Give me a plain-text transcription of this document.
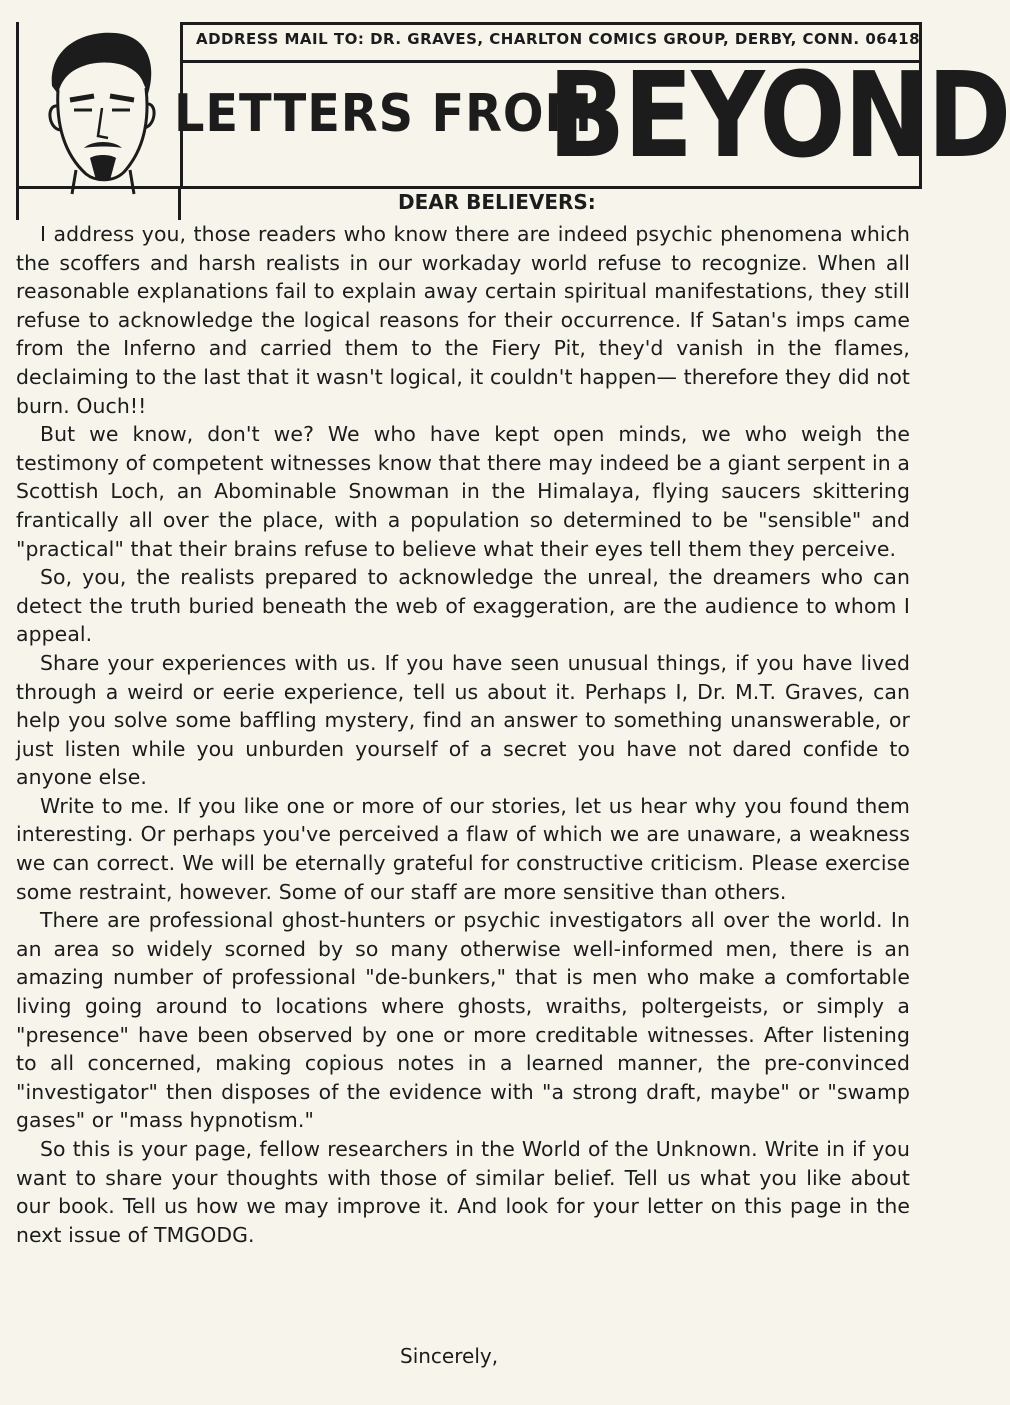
ADDRESS MAIL TO: DR. GRAVES, CHARLTON COMICS GROUP, DERBY, CONN. 06418
LETTERS FROM
BEYOND
DEAR BELIEVERS:

I address you, those readers who know there are indeed psychic phenomena which the scoffers and harsh realists in our workaday world refuse to recognize. When all reasonable explanations fail to explain away certain spiritual manifestations, they still refuse to acknowledge the logical reasons for their occurrence. If Satan's imps came from the Inferno and carried them to the Fiery Pit, they'd vanish in the flames, declaiming to the last that it wasn't logical, it couldn't happen— therefore they did not burn. Ouch!!

But we know, don't we? We who have kept open minds, we who weigh the testimony of competent witnesses know that there may indeed be a giant serpent in a Scottish Loch, an Abominable Snowman in the Himalaya, flying saucers skittering frantically all over the place, with a population so determined to be "sensible" and "practical" that their brains refuse to believe what their eyes tell them they perceive.

So, you, the realists prepared to acknowledge the unreal, the dreamers who can detect the truth buried beneath the web of exaggeration, are the audience to whom I appeal.

Share your experiences with us. If you have seen unusual things, if you have lived through a weird or eerie experience, tell us about it. Perhaps I, Dr. M.T. Graves, can help you solve some baffling mystery, find an answer to something unanswerable, or just listen while you unburden yourself of a secret you have not dared confide to anyone else.

Write to me. If you like one or more of our stories, let us hear why you found them interesting. Or perhaps you've perceived a flaw of which we are unaware, a weakness we can correct. We will be eternally grateful for constructive criticism. Please exercise some restraint, however. Some of our staff are more sensitive than others.

There are professional ghost-hunters or psychic investigators all over the world. In an area so widely scorned by so many otherwise well-informed men, there is an amazing number of professional "de-bunkers," that is men who make a comfortable living going around to locations where ghosts, wraiths, poltergeists, or simply a "presence" have been observed by one or more creditable witnesses. After listening to all concerned, making copious notes in a learned manner, the pre-convinced "investigator" then disposes of the evidence with "a strong draft, maybe" or "swamp gases" or "mass hypnotism."

So this is your page, fellow researchers in the World of the Unknown. Write in if you want to share your thoughts with those of similar belief. Tell us what you like about our book. Tell us how we may improve it. And look for your letter on this page in the next issue of TMGODG.

Sincerely,
